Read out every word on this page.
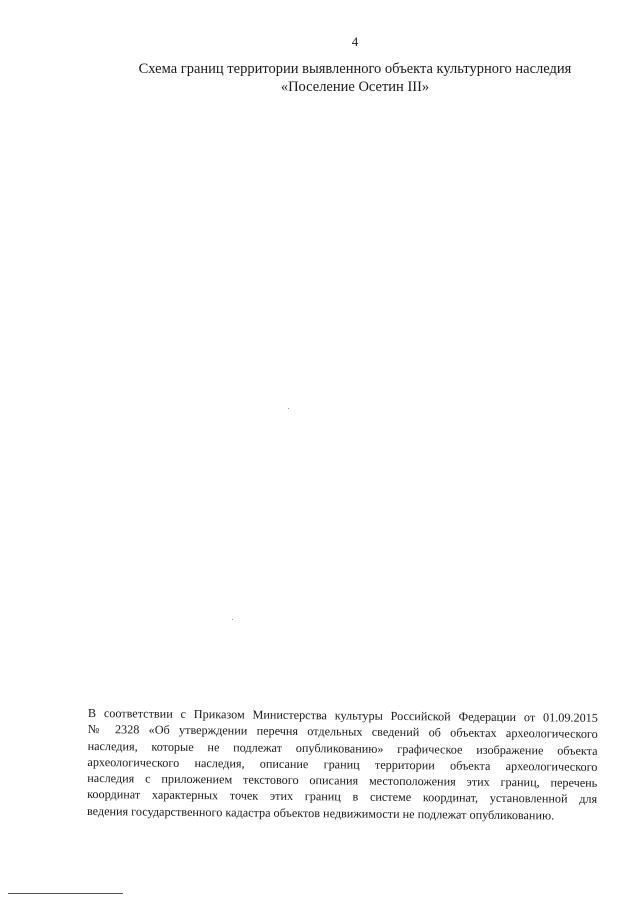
4
Схема границ территории выявленного объекта культурного наследия
«Поселение Осетин III»
В соответствии с Приказом Министерства культуры Российской Федерации от 01.09.2015
№ 2328 «Об утверждении перечня отдельных сведений об объектах археологического
наследия, которые не подлежат опубликованию» графическое изображение объекта
археологического наследия, описание границ территории объекта археологического
наследия с приложением текстового описания местоположения этих границ, перечень
координат характерных точек этих границ в системе координат, установленной для
ведения государственного кадастра объектов недвижимости не подлежат опубликованию.
